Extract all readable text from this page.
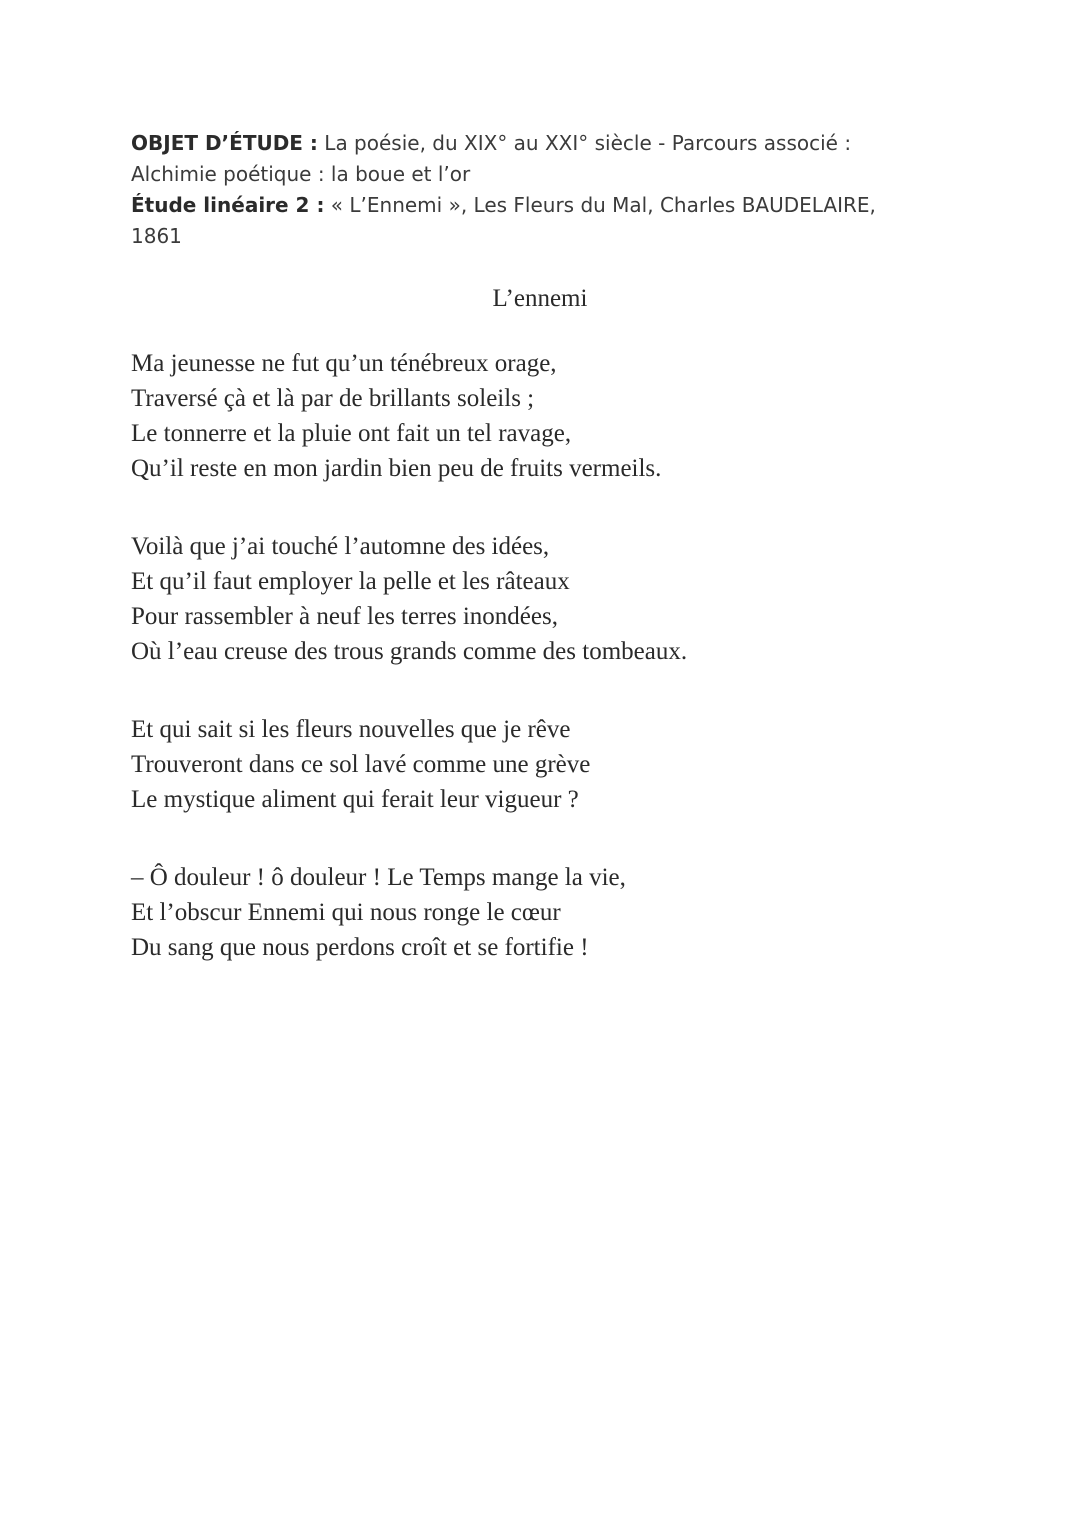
OBJET D’ÉTUDE : La poésie, du XIX° au XXI° siècle - Parcours associé :
Alchimie poétique : la boue et l’or
Étude linéaire 2 : « L’Ennemi », Les Fleurs du Mal, Charles BAUDELAIRE,
1861
L’ennemi
Ma jeunesse ne fut qu’un ténébreux orage,
Traversé çà et là par de brillants soleils ;
Le tonnerre et la pluie ont fait un tel ravage,
Qu’il reste en mon jardin bien peu de fruits vermeils.
Voilà que j’ai touché l’automne des idées,
Et qu’il faut employer la pelle et les râteaux
Pour rassembler à neuf les terres inondées,
Où l’eau creuse des trous grands comme des tombeaux.
Et qui sait si les fleurs nouvelles que je rêve
Trouveront dans ce sol lavé comme une grève
Le mystique aliment qui ferait leur vigueur ?
– Ô douleur ! ô douleur ! Le Temps mange la vie,
Et l’obscur Ennemi qui nous ronge le cœur
Du sang que nous perdons croît et se fortifie !
